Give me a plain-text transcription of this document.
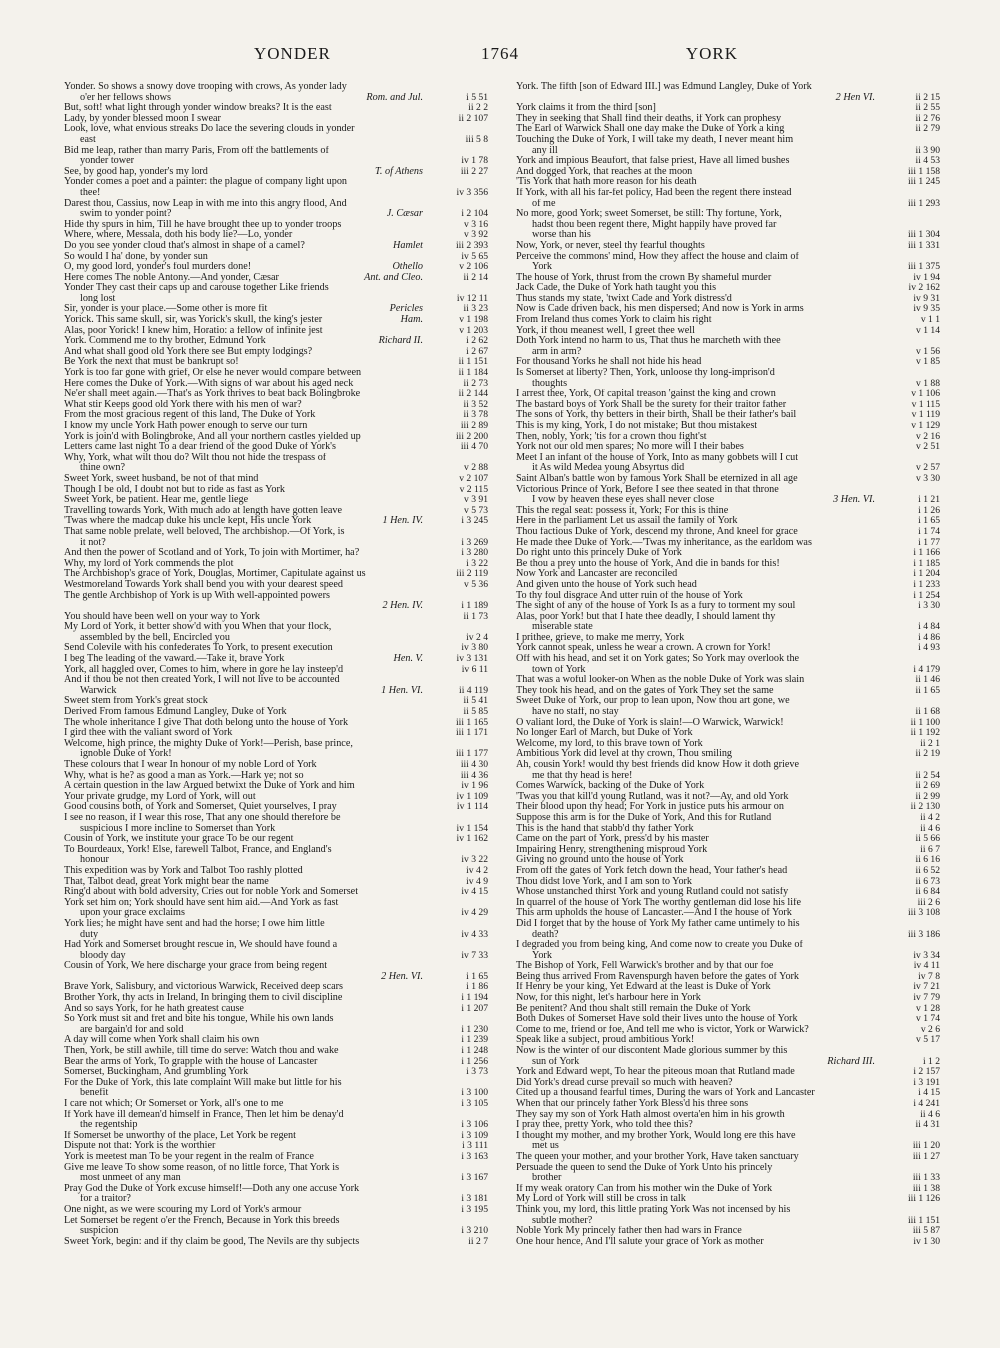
YONDER	1764	YORK
Yonder. So shows a snowy dove trooping with crows, As yonder lady
o'er her fellows shows	Rom. and Jul.	i 5 51
But, soft! what light through yonder window breaks? It is the east	ii 2 2
Lady, by yonder blessed moon I swear	ii 2 107
Look, love, what envious streaks Do lace the severing clouds in yonder
east	iii 5 8
Bid me leap, rather than marry Paris, From off the battlements of
yonder tower	iv 1 78
See, by good hap, yonder's my lord	T. of Athens	iii 2 27
Yonder comes a poet and a painter: the plague of company light upon
thee!	iv 3 356
Darest thou, Cassius, now Leap in with me into this angry flood, And
swim to yonder point?	J. Cæsar	i 2 104
Hide thy spurs in him, Till he have brought thee up to yonder troops	v 3 16
Where, where, Messala, doth his body lie?—Lo, yonder	v 3 92
Do you see yonder cloud that's almost in shape of a camel?	Hamlet	iii 2 393
So would I ha' done, by yonder sun	iv 5 65
O, my good lord, yonder's foul murders done!	Othello	v 2 106
Here comes The noble Antony.—And yonder, Cæsar	Ant. and Cleo.	ii 2 14
Yonder They cast their caps up and carouse together Like friends
long lost	iv 12 11
Sir, yonder is your place.—Some other is more fit	Pericles	ii 3 23
Yorick. This same skull, sir, was Yorick's skull, the king's jester	Ham.	v 1 198
Alas, poor Yorick! I knew him, Horatio: a fellow of infinite jest	v 1 203
York. Commend me to thy brother, Edmund York	Richard II.	i 2 62
And what shall good old York there see But empty lodgings?	i 2 67
Be York the next that must be bankrupt so!	ii 1 151
York is too far gone with grief, Or else he never would compare between	ii 1 184
Here comes the Duke of York.—With signs of war about his aged neck	ii 2 73
Ne'er shall meet again.—That's as York thrives to beat back Bolingbroke	ii 2 144
What stir Keeps good old York there with his men of war?	ii 3 52
From the most gracious regent of this land, The Duke of York	ii 3 78
I know my uncle York Hath power enough to serve our turn	iii 2 89
York is join'd with Bolingbroke, And all your northern castles yielded up	iii 2 200
Letters came last night To a dear friend of the good Duke of York's	iii 4 70
Why, York, what wilt thou do? Wilt thou not hide the trespass of
thine own?	v 2 88
Sweet York, sweet husband, be not of that mind	v 2 107
Though I be old, I doubt not but to ride as fast as York	v 2 115
Sweet York, be patient. Hear me, gentle liege	v 3 91
Travelling towards York, With much ado at length have gotten leave	v 5 73
'Twas where the madcap duke his uncle kept, His uncle York	1 Hen. IV.	i 3 245
That same noble prelate, well beloved, The archbishop.—Of York, is
it not?	i 3 269
And then the power of Scotland and of York, To join with Mortimer, ha?	i 3 280
Why, my lord of York commends the plot	i 3 22
The Archbishop's grace of York, Douglas, Mortimer, Capitulate against us	iii 2 119
Westmoreland Towards York shall bend you with your dearest speed	v 5 36
The gentle Archbishop of York is up With well-appointed powers
2 Hen. IV.	i 1 189
You should have been well on your way to York	ii 1 73
My Lord of York, it better show'd with you When that your flock,
assembled by the bell, Encircled you	iv 2 4
Send Colevile with his confederates To York, to present execution	iv 3 80
I beg The leading of the vaward.—Take it, brave York	Hen. V.	iv 3 131
York, all haggled over, Comes to him, where in gore he lay insteep'd	iv 6 11
And if thou be not then created York, I will not live to be accounted
Warwick	1 Hen. VI.	ii 4 119
Sweet stem from York's great stock	ii 5 41
Derived From famous Edmund Langley, Duke of York	ii 5 85
The whole inheritance I give That doth belong unto the house of York	iii 1 165
I gird thee with the valiant sword of York	iii 1 171
Welcome, high prince, the mighty Duke of York!—Perish, base prince,
ignoble Duke of York!	iii 1 177
These colours that I wear In honour of my noble Lord of York	iii 4 30
Why, what is he? as good a man as York.—Hark ye; not so	iii 4 36
A certain question in the law Argued betwixt the Duke of York and him	iv 1 96
Your private grudge, my Lord of York, will out	iv 1 109
Good cousins both, of York and Somerset, Quiet yourselves, I pray	iv 1 114
I see no reason, if I wear this rose, That any one should therefore be
suspicious I more incline to Somerset than York	iv 1 154
Cousin of York, we institute your grace To be our regent	iv 1 162
To Bourdeaux, York! Else, farewell Talbot, France, and England's
honour	iv 3 22
This expedition was by York and Talbot Too rashly plotted	iv 4 2
That, Talbot dead, great York might bear the name	iv 4 9
Ring'd about with bold adversity, Cries out for noble York and Somerset	iv 4 15
York set him on; York should have sent him aid.—And York as fast
upon your grace exclaims	iv 4 29
York lies; he might have sent and had the horse; I owe him little
duty	iv 4 33
Had York and Somerset brought rescue in, We should have found a
bloody day	iv 7 33
Cousin of York, We here discharge your grace from being regent
2 Hen. VI.	i 1 65
Brave York, Salisbury, and victorious Warwick, Received deep scars	i 1 86
Brother York, thy acts in Ireland, In bringing them to civil discipline	i 1 194
And so says York, for he hath greatest cause	i 1 207
So York must sit and fret and bite his tongue, While his own lands
are bargain'd for and sold	i 1 230
A day will come when York shall claim his own	i 1 239
Then, York, be still awhile, till time do serve: Watch thou and wake	i 1 248
Bear the arms of York, To grapple with the house of Lancaster	i 1 256
Somerset, Buckingham, And grumbling York	i 3 73
For the Duke of York, this late complaint Will make but little for his
benefit	i 3 100
I care not which; Or Somerset or York, all's one to me	i 3 105
If York have ill demean'd himself in France, Then let him be denay'd
the regentship	i 3 106
If Somerset be unworthy of the place, Let York be regent	i 3 109
Dispute not that: York is the worthier	i 3 111
York is meetest man To be your regent in the realm of France	i 3 163
Give me leave To show some reason, of no little force, That York is
most unmeet of any man	i 3 167
Pray God the Duke of York excuse himself!—Doth any one accuse York
for a traitor?	i 3 181
One night, as we were scouring my Lord of York's armour	i 3 195
Let Somerset be regent o'er the French, Because in York this breeds
suspicion	i 3 210
Sweet York, begin: and if thy claim be good, The Nevils are thy subjects	ii 2 7
York. The fifth [son of Edward III.] was Edmund Langley, Duke of York
2 Hen VI.	ii 2 15
York claims it from the third [son]	ii 2 55
They in seeking that Shall find their deaths, if York can prophesy	ii 2 76
The Earl of Warwick Shall one day make the Duke of York a king	ii 2 79
Touching the Duke of York, I will take my death, I never meant him
any ill	ii 3 90
York and impious Beaufort, that false priest, Have all limed bushes	ii 4 53
And dogged York, that reaches at the moon	iii 1 158
'Tis York that hath more reason for his death	iii 1 245
If York, with all his far-fet policy, Had been the regent there instead
of me	iii 1 293
No more, good York; sweet Somerset, be still: Thy fortune, York,
hadst thou been regent there, Might happily have proved far
worse than his	iii 1 304
Now, York, or never, steel thy fearful thoughts	iii 1 331
Perceive the commons' mind, How they affect the house and claim of
York	iii 1 375
The house of York, thrust from the crown By shameful murder	iv 1 94
Jack Cade, the Duke of York hath taught you this	iv 2 162
Thus stands my state, 'twixt Cade and York distress'd	iv 9 31
Now is Cade driven back, his men dispersed; And now is York in arms	iv 9 35
From Ireland thus comes York to claim his right	v 1 1
York, if thou meanest well, I greet thee well	v 1 14
Doth York intend no harm to us, That thus he marcheth with thee
arm in arm?	v 1 56
For thousand Yorks he shall not hide his head	v 1 85
Is Somerset at liberty? Then, York, unloose thy long-imprison'd
thoughts	v 1 88
I arrest thee, York, Of capital treason 'gainst the king and crown	v 1 106
The bastard boys of York Shall be the surety for their traitor father	v 1 115
The sons of York, thy betters in their birth, Shall be their father's bail	v 1 119
This is my king, York, I do not mistake; But thou mistakest	v 1 129
Then, nobly, York; 'tis for a crown thou fight'st	v 2 16
York not our old men spares; No more will I their babes	v 2 51
Meet I an infant of the house of York, Into as many gobbets will I cut
it As wild Medea young Absyrtus did	v 2 57
Saint Alban's battle won by famous York Shall be eternized in all age	v 3 30
Victorious Prince of York, Before I see thee seated in that throne
I vow by heaven these eyes shall never close	3 Hen. VI.	i 1 21
This the regal seat: possess it, York; For this is thine	i 1 26
Here in the parliament Let us assail the family of York	i 1 65
Thou factious Duke of York, descend my throne, And kneel for grace	i 1 74
He made thee Duke of York.—'Twas my inheritance, as the earldom was	i 1 77
Do right unto this princely Duke of York	i 1 166
Be thou a prey unto the house of York, And die in bands for this!	i 1 185
Now York and Lancaster are reconciled	i 1 204
And given unto the house of York such head	i 1 233
To thy foul disgrace And utter ruin of the house of York	i 1 254
The sight of any of the house of York Is as a fury to torment my soul	i 3 30
Alas, poor York! but that I hate thee deadly, I should lament thy
miserable state	i 4 84
I prithee, grieve, to make me merry, York	i 4 86
York cannot speak, unless he wear a crown. A crown for York!	i 4 93
Off with his head, and set it on York gates; So York may overlook the
town of York	i 4 179
That was a woful looker-on When as the noble Duke of York was slain	ii 1 46
They took his head, and on the gates of York They set the same	ii 1 65
Sweet Duke of York, our prop to lean upon, Now thou art gone, we
have no staff, no stay	ii 1 68
O valiant lord, the Duke of York is slain!—O Warwick, Warwick!	ii 1 100
No longer Earl of March, but Duke of York	ii 1 192
Welcome, my lord, to this brave town of York	ii 2 1
Ambitious York did level at thy crown, Thou smiling	ii 2 19
Ah, cousin York! would thy best friends did know How it doth grieve
me that thy head is here!	ii 2 54
Comes Warwick, backing of the Duke of York	ii 2 69
'Twas you that kill'd young Rutland, was it not?—Ay, and old York	ii 2 99
Their blood upon thy head; For York in justice puts his armour on	ii 2 130
Suppose this arm is for the Duke of York, And this for Rutland	ii 4 2
This is the hand that stabb'd thy father York	ii 4 6
Came on the part of York, press'd by his master	ii 5 66
Impairing Henry, strengthening misproud York	ii 6 7
Giving no ground unto the house of York	ii 6 16
From off the gates of York fetch down the head, Your father's head	ii 6 52
Thou didst love York, and I am son to York	ii 6 73
Whose unstanched thirst York and young Rutland could not satisfy	ii 6 84
In quarrel of the house of York The worthy gentleman did lose his life	iii 2 6
This arm upholds the house of Lancaster.—And I the house of York	iii 3 108
Did I forget that by the house of York My father came untimely to his
death?	iii 3 186
I degraded you from being king, And come now to create you Duke of
York	iv 3 34
The Bishop of York, Fell Warwick's brother and by that our foe	iv 4 11
Being thus arrived From Ravenspurgh haven before the gates of York	iv 7 8
If Henry be your king, Yet Edward at the least is Duke of York	iv 7 21
Now, for this night, let's harbour here in York	iv 7 79
Be penitent? And thou shalt still remain the Duke of York	v 1 28
Both Dukes of Somerset Have sold their lives unto the house of York	v 1 74
Come to me, friend or foe, And tell me who is victor, York or Warwick?	v 2 6
Speak like a subject, proud ambitious York!	v 5 17
Now is the winter of our discontent Made glorious summer by this
sun of York	Richard III.	i 1 2
York and Edward wept, To hear the piteous moan that Rutland made	i 2 157
Did York's dread curse prevail so much with heaven?	i 3 191
Cited up a thousand fearful times, During the wars of York and Lancaster	i 4 15
When that our princely father York Bless'd his three sons	i 4 241
They say my son of York Hath almost overta'en him in his growth	ii 4 6
I pray thee, pretty York, who told thee this?	ii 4 31
I thought my mother, and my brother York, Would long ere this have
met us	iii 1 20
The queen your mother, and your brother York, Have taken sanctuary	iii 1 27
Persuade the queen to send the Duke of York Unto his princely
brother	iii 1 33
If my weak oratory Can from his mother win the Duke of York	iii 1 38
My Lord of York will still be cross in talk	iii 1 126
Think you, my lord, this little prating York Was not incensed by his
subtle mother?	iii 1 151
Noble York My princely father then had wars in France	iii 5 87
One hour hence, And I'll salute your grace of York as mother	iv 1 30
